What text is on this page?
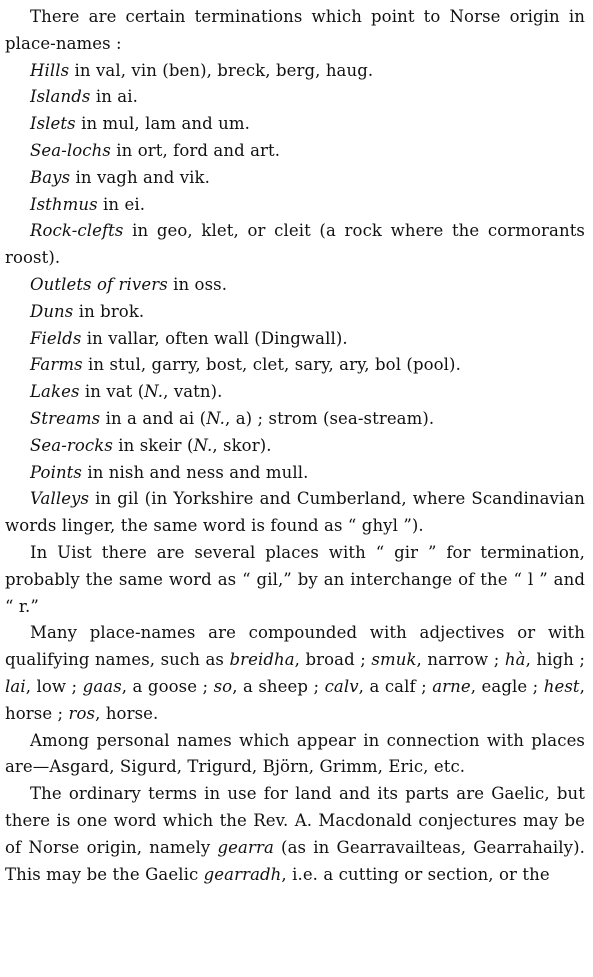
There are certain terminations which point to Norse origin in place-names :

Hills in val, vin (ben), breck, berg, haug.

Islands in ai.

Islets in mul, lam and um.

Sea-lochs in ort, ford and art.

Bays in vagh and vik.

Isthmus in ei.

Rock-clefts in geo, klet, or cleit (a rock where the cormorants roost).

Outlets of rivers in oss.

Duns in brok.

Fields in vallar, often wall (Dingwall).

Farms in stul, garry, bost, clet, sary, ary, bol (pool).

Lakes in vat (N., vatn).

Streams in a and ai (N., a) ; strom (sea-stream).

Sea-rocks in skeir (N., skor).

Points in nish and ness and mull.

Valleys in gil (in Yorkshire and Cumberland, where Scandinavian words linger, the same word is found as “ ghyl ”).

In Uist there are several places with “ gir ” for termination, probably the same word as “ gil,” by an interchange of the “ l ” and “ r.”

Many place-names are compounded with adjectives or with qualifying names, such as breidha, broad ; smuk, narrow ; hà, high ; lai, low ; gaas, a goose ; so, a sheep ; calv, a calf ; arne, eagle ; hest, horse ; ros, horse.

Among personal names which appear in connection with places are—Asgard, Sigurd, Trigurd, Björn, Grimm, Eric, etc.

The ordinary terms in use for land and its parts are Gaelic, but there is one word which the Rev. A. Macdonald conjectures may be of Norse origin, namely gearra (as in Gearravailteas, Gearrahaily). This may be the Gaelic gearradh, i.e. a cutting or section, or the
